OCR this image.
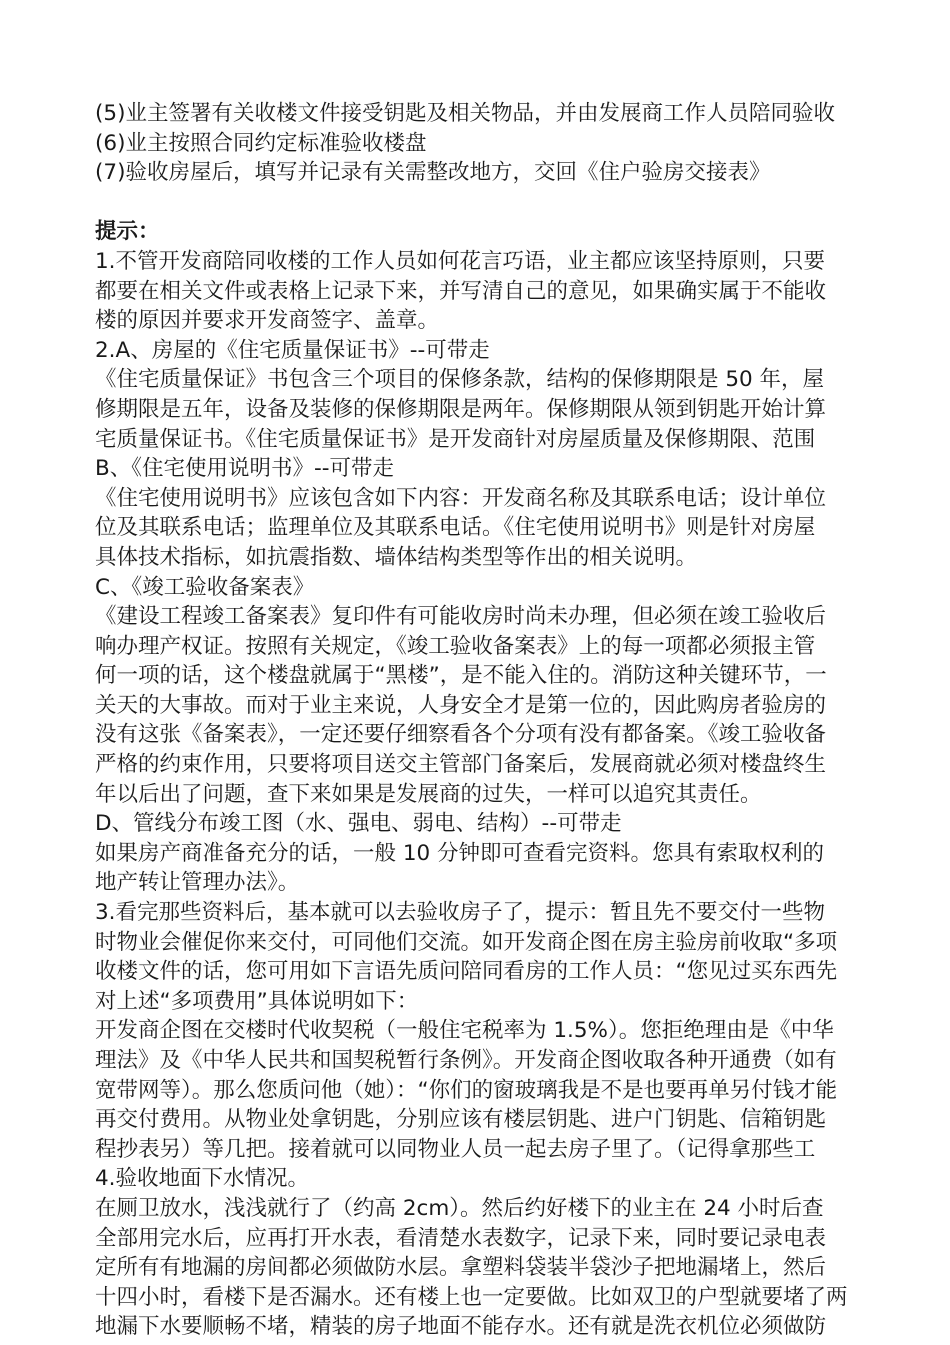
(5)业主签署有关收楼文件接受钥匙及相关物品，并由发展商工作人员陪同验收
(6)业主按照合同约定标准验收楼盘
(7)验收房屋后，填写并记录有关需整改地方，交回《住户验房交接表》
提示：
1.不管开发商陪同收楼的工作人员如何花言巧语，业主都应该坚持原则，只要
都要在相关文件或表格上记录下来，并写清自己的意见，如果确实属于不能收
楼的原因并要求开发商签字、盖章。
2.A、房屋的《住宅质量保证书》--可带走
《住宅质量保证》书包含三个项目的保修条款，结构的保修期限是 50 年，屋
修期限是五年，设备及装修的保修期限是两年。保修期限从领到钥匙开始计算
宅质量保证书。《住宅质量保证书》是开发商针对房屋质量及保修期限、范围
B、《住宅使用说明书》--可带走
《住宅使用说明书》应该包含如下内容：开发商名称及其联系电话；设计单位
位及其联系电话；监理单位及其联系电话。《住宅使用说明书》则是针对房屋
具体技术指标，如抗震指数、墙体结构类型等作出的相关说明。
C、《竣工验收备案表》
《建设工程竣工备案表》复印件有可能收房时尚未办理，但必须在竣工验收后
响办理产权证。按照有关规定，《竣工验收备案表》上的每一项都必须报主管
何一项的话，这个楼盘就属于“黑楼”，是不能入住的。消防这种关键环节，一
关天的大事故。而对于业主来说，人身安全才是第一位的，因此购房者验房的
没有这张《备案表》，一定还要仔细察看各个分项有没有都备案。《竣工验收备
严格的约束作用，只要将项目送交主管部门备案后，发展商就必须对楼盘终生
年以后出了问题，查下来如果是发展商的过失，一样可以追究其责任。
D、管线分布竣工图（水、强电、弱电、结构）--可带走
如果房产商准备充分的话，一般 10 分钟即可查看完资料。您具有索取权利的
地产转让管理办法》。
3.看完那些资料后，基本就可以去验收房子了，提示：暂且先不要交付一些物
时物业会催促你来交付，可同他们交流。如开发商企图在房主验房前收取“多项
收楼文件的话，您可用如下言语先质问陪同看房的工作人员：“您见过买东西先
对上述“多项费用”具体说明如下：
开发商企图在交楼时代收契税（一般住宅税率为 1.5%）。您拒绝理由是《中华
理法》及《中华人民共和国契税暂行条例》。开发商企图收取各种开通费（如有
宽带网等）。那么您质问他（她）：“你们的窗玻璃我是不是也要再单另付钱才能
再交付费用。从物业处拿钥匙，分别应该有楼层钥匙、进户门钥匙、信箱钥匙
程抄表另）等几把。接着就可以同物业人员一起去房子里了。（记得拿那些工
4.验收地面下水情况。
在厕卫放水，浅浅就行了（约高 2cm）。然后约好楼下的业主在 24 小时后查
全部用完水后，应再打开水表，看清楚水表数字，记录下来，同时要记录电表
定所有有地漏的房间都必须做防水层。拿塑料袋装半袋沙子把地漏堵上，然后
十四小时，看楼下是否漏水。还有楼上也一定要做。比如双卫的户型就要堵了两
地漏下水要顺畅不堵，精装的房子地面不能存水。还有就是洗衣机位必须做防
